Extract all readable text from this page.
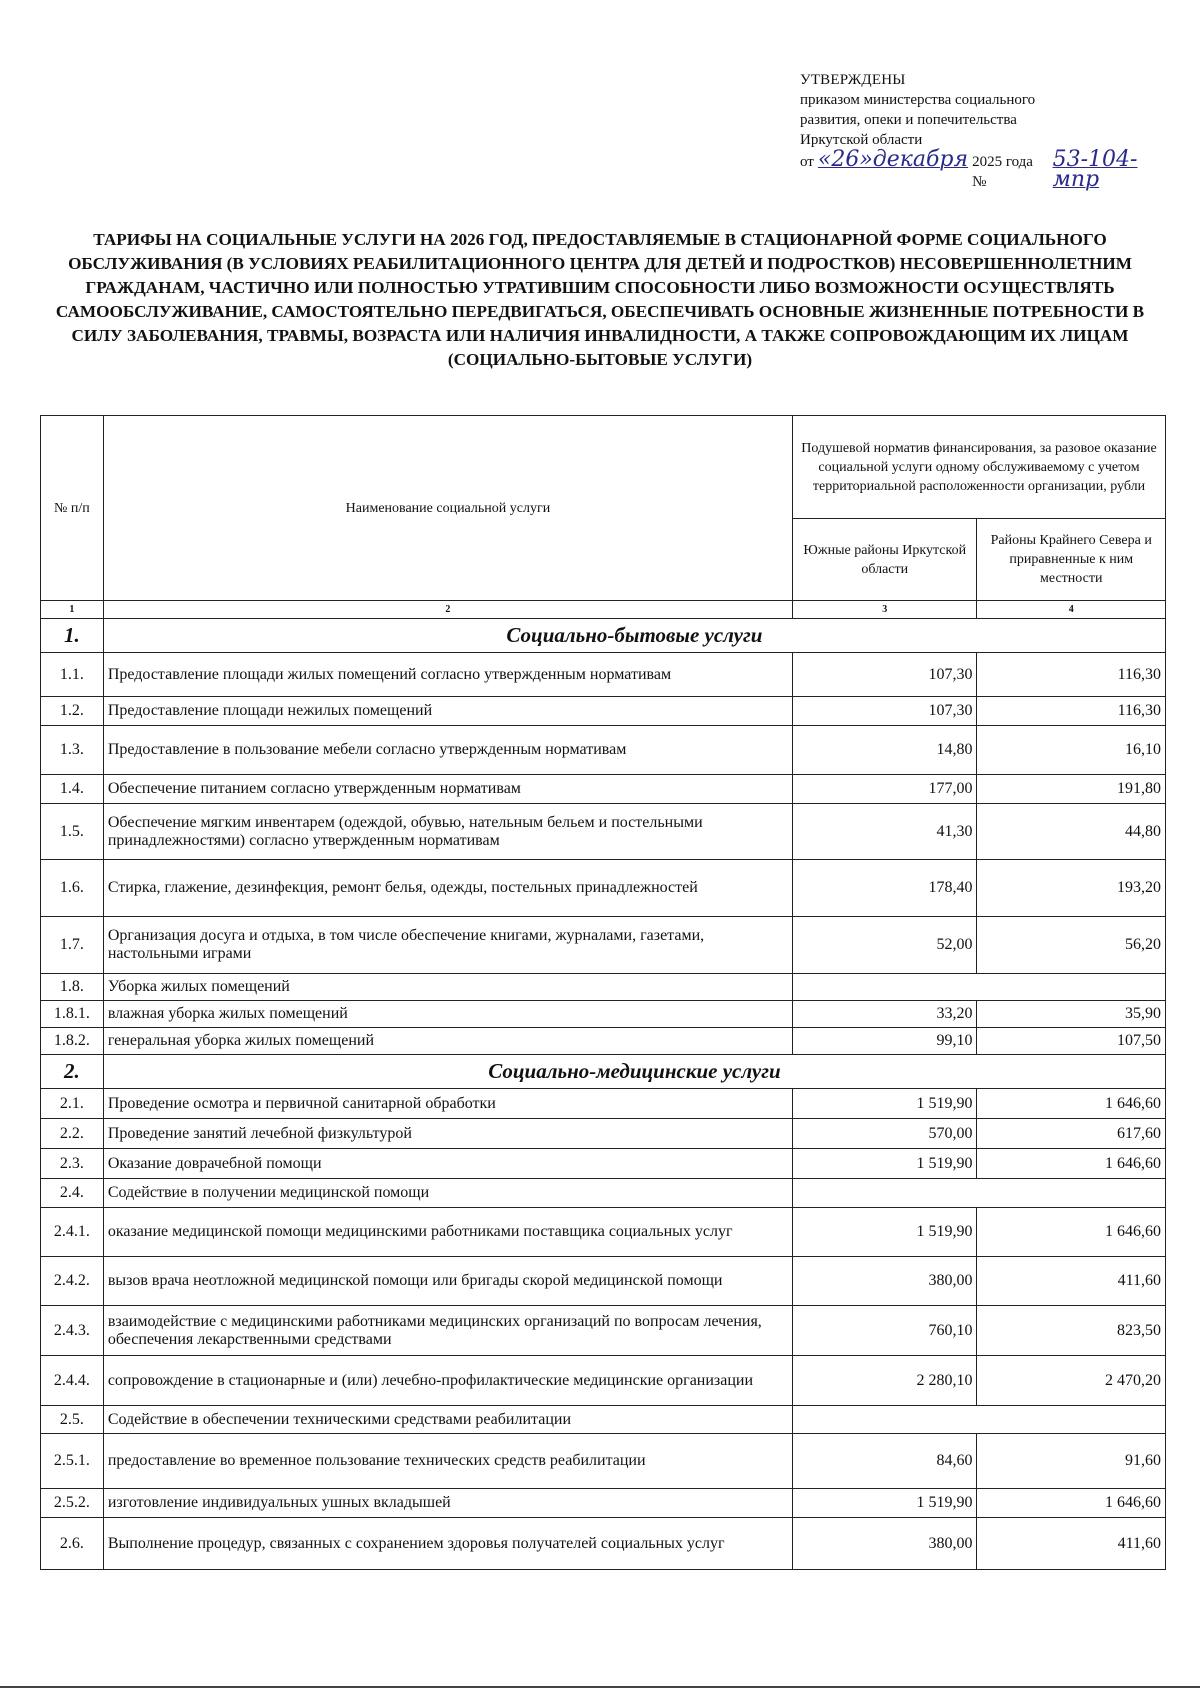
УТВЕРЖДЕНЫ
приказом министерства социального
развития, опеки и попечительства
Иркутской области
от «26»декабря 2025 года №
53-104-мпр
ТАРИФЫ НА СОЦИАЛЬНЫЕ УСЛУГИ НА 2026 ГОД, ПРЕДОСТАВЛЯЕМЫЕ В СТАЦИОНАРНОЙ ФОРМЕ СОЦИАЛЬНОГО ОБСЛУЖИВАНИЯ (В УСЛОВИЯХ РЕАБИЛИТАЦИОННОГО ЦЕНТРА ДЛЯ ДЕТЕЙ И ПОДРОСТКОВ) НЕСОВЕРШЕННОЛЕТНИМ ГРАЖДАНАМ, ЧАСТИЧНО ИЛИ ПОЛНОСТЬЮ УТРАТИВШИМ СПОСОБНОСТИ ЛИБО ВОЗМОЖНОСТИ ОСУЩЕСТВЛЯТЬ САМООБСЛУЖИВАНИЕ, САМОСТОЯТЕЛЬНО ПЕРЕДВИГАТЬСЯ, ОБЕСПЕЧИВАТЬ ОСНОВНЫЕ ЖИЗНЕННЫЕ ПОТРЕБНОСТИ В СИЛУ ЗАБОЛЕВАНИЯ, ТРАВМЫ, ВОЗРАСТА ИЛИ НАЛИЧИЯ ИНВАЛИДНОСТИ, А ТАКЖЕ СОПРОВОЖДАЮЩИМ ИХ ЛИЦАМ (СОЦИАЛЬНО-БЫТОВЫЕ УСЛУГИ)
№ п/п	Наименование социальной услуги	Подушевой норматив финансирования, за разовое оказание социальной услуги одному обслуживаемому с учетом территориальной расположенности организации, рубли	
		Южные районы Иркутской области	Районы Крайнего Севера и приравненные к ним местности
1	2	3	4
1.	Социально-бытовые услуги		
1.1.	Предоставление площади жилых помещений согласно утвержденным нормативам	107,30	116,30
1.2.	Предоставление площади нежилых помещений	107,30	116,30
1.3.	Предоставление в пользование мебели согласно утвержденным нормативам	14,80	16,10
1.4.	Обеспечение питанием согласно утвержденным нормативам	177,00	191,80
1.5.	Обеспечение мягким инвентарем (одеждой, обувью, нательным бельем и постельными принадлежностями) согласно утвержденным нормативам	41,30	44,80
1.6.	Стирка, глажение, дезинфекция, ремонт белья, одежды, постельных принадлежностей	178,40	193,20
1.7.	Организация досуга и отдыха, в том числе обеспечение книгами, журналами, газетами, настольными играми	52,00	56,20
1.8.	Уборка жилых помещений		
1.8.1.	влажная уборка жилых помещений	33,20	35,90
1.8.2.	генеральная уборка жилых помещений	99,10	107,50
2.	Социально-медицинские услуги		
2.1.	Проведение осмотра и первичной санитарной обработки	1 519,90	1 646,60
2.2.	Проведение занятий лечебной физкультурой	570,00	617,60
2.3.	Оказание доврачебной помощи	1 519,90	1 646,60
2.4.	Содействие в получении медицинской помощи		
2.4.1.	оказание медицинской помощи медицинскими работниками поставщика социальных услуг	1 519,90	1 646,60
2.4.2.	вызов врача неотложной медицинской помощи или бригады скорой медицинской помощи	380,00	411,60
2.4.3.	взаимодействие с медицинскими работниками медицинских организаций по вопросам лечения, обеспечения лекарственными средствами	760,10	823,50
2.4.4.	сопровождение в стационарные и (или) лечебно-профилактические медицинские организации	2 280,10	2 470,20
2.5.	Содействие в обеспечении техническими средствами реабилитации		
2.5.1.	предоставление во временное пользование технических средств реабилитации	84,60	91,60
2.5.2.	изготовление индивидуальных ушных вкладышей	1 519,90	1 646,60
2.6.	Выполнение процедур, связанных с сохранением здоровья получателей социальных услуг	380,00	411,60
